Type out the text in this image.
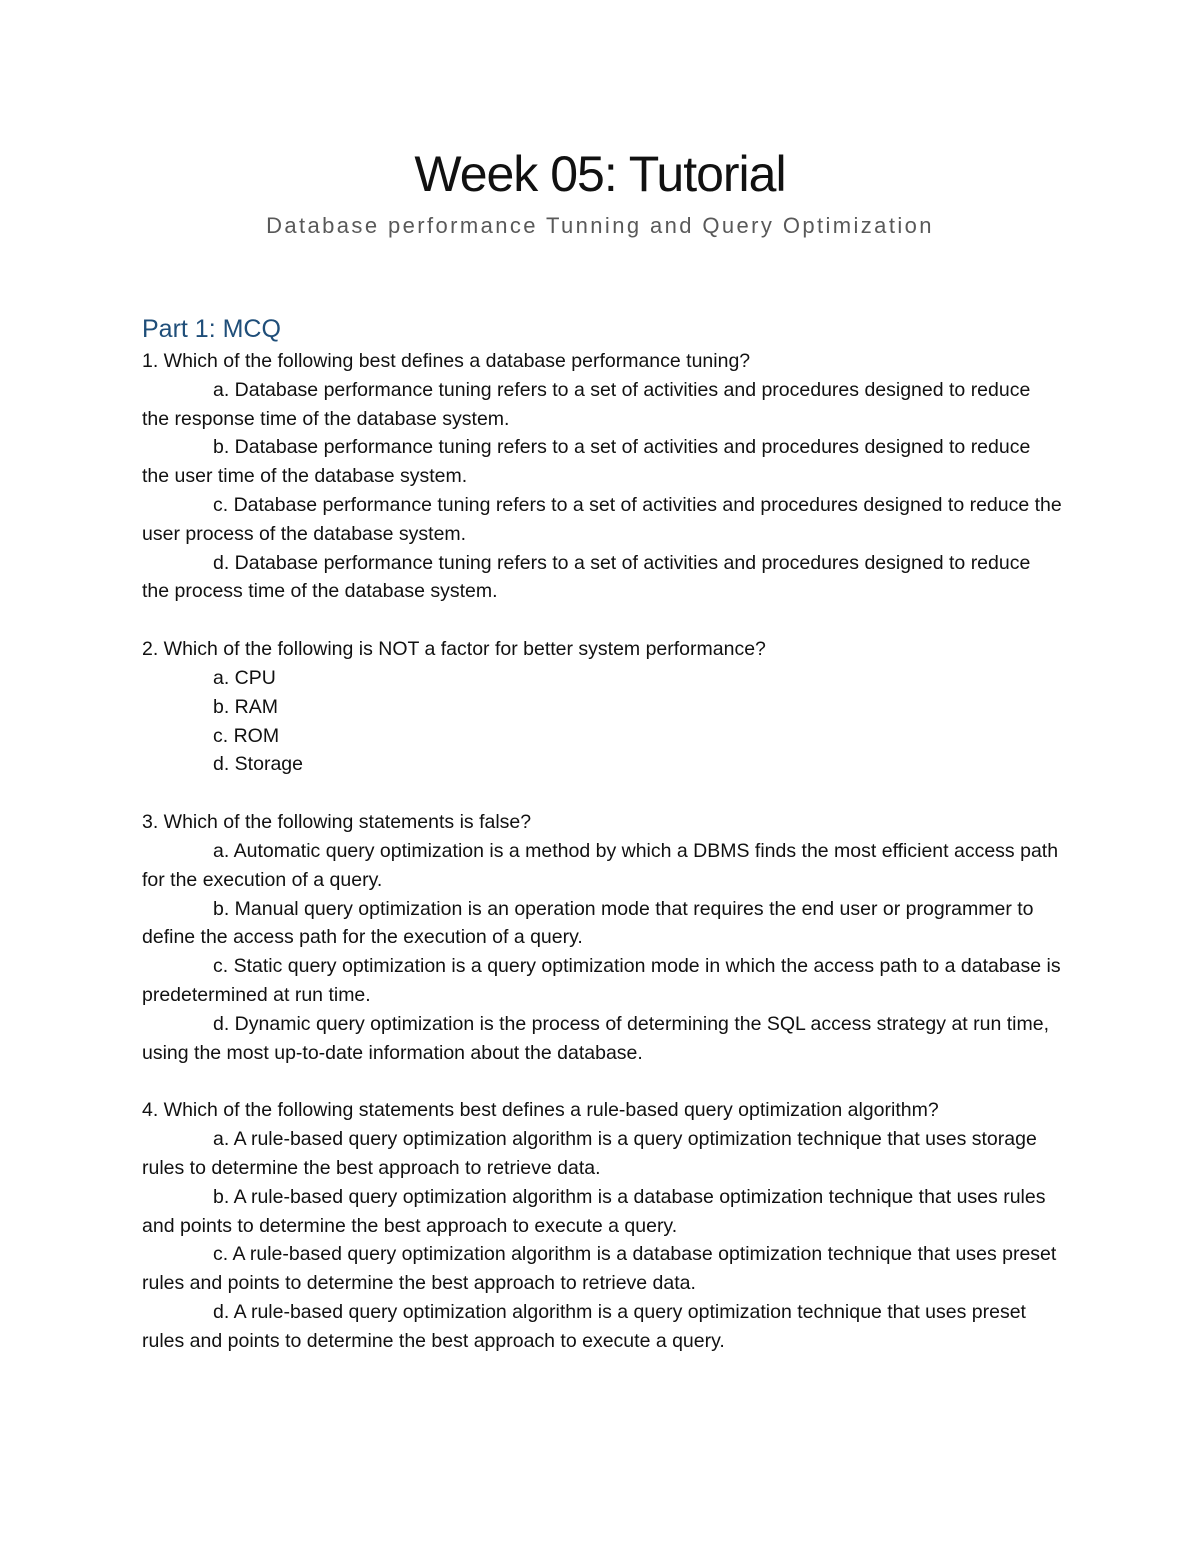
Week 05: Tutorial

Database performance Tunning and Query Optimization

Part 1: MCQ

1. Which of the following best defines a database performance tuning?

a. Database performance tuning refers to a set of activities and procedures designed to reduce the response time of the database system.

b. Database performance tuning refers to a set of activities and procedures designed to reduce the user time of the database system.

c. Database performance tuning refers to a set of activities and procedures designed to reduce the user process of the database system.

d. Database performance tuning refers to a set of activities and procedures designed to reduce the process time of the database system.

2. Which of the following is NOT a factor for better system performance?

a. CPU

b. RAM

c. ROM

d. Storage

3. Which of the following statements is false?

a. Automatic query optimization is a method by which a DBMS finds the most efficient access path for the execution of a query.

b. Manual query optimization is an operation mode that requires the end user or programmer to define the access path for the execution of a query.

c. Static query optimization is a query optimization mode in which the access path to a database is predetermined at run time.

d. Dynamic query optimization is the process of determining the SQL access strategy at run time, using the most up-to-date information about the database.

4. Which of the following statements best defines a rule-based query optimization algorithm?

a. A rule-based query optimization algorithm is a query optimization technique that uses storage rules to determine the best approach to retrieve data.

b. A rule-based query optimization algorithm is a database optimization technique that uses rules and points to determine the best approach to execute a query.

c. A rule-based query optimization algorithm is a database optimization technique that uses preset rules and points to determine the best approach to retrieve data.

d. A rule-based query optimization algorithm is a query optimization technique that uses preset rules and points to determine the best approach to execute a query.
